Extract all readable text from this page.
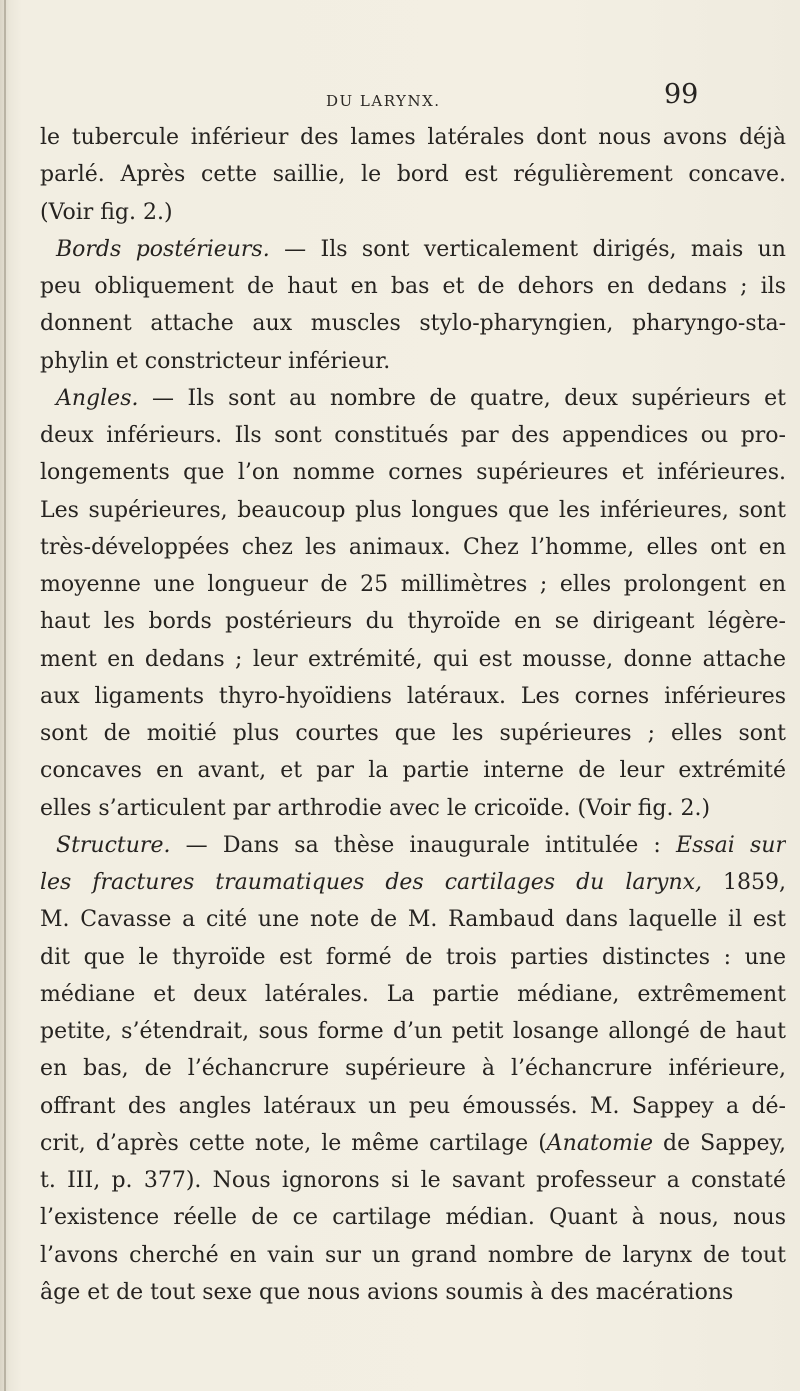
DU LARYNX.	99
le tubercule inférieur des lames latérales dont nous avons déjà
parlé. Après cette saillie, le bord est régulièrement concave.
(Voir fig. 2.)
Bords postérieurs. — Ils sont verticalement dirigés, mais un
peu obliquement de haut en bas et de dehors en dedans ; ils
donnent attache aux muscles stylo-pharyngien, pharyngo-sta-
phylin et constricteur inférieur.
Angles. — Ils sont au nombre de quatre, deux supérieurs et
deux inférieurs. Ils sont constitués par des appendices ou pro-
longements que l’on nomme cornes supérieures et inférieures.
Les supérieures, beaucoup plus longues que les inférieures, sont
très-développées chez les animaux. Chez l’homme, elles ont en
moyenne une longueur de 25 millimètres ; elles prolongent en
haut les bords postérieurs du thyroïde en se dirigeant légère-
ment en dedans ; leur extrémité, qui est mousse, donne attache
aux ligaments thyro-hyoïdiens latéraux. Les cornes inférieures
sont de moitié plus courtes que les supérieures ; elles sont
concaves en avant, et par la partie interne de leur extrémité
elles s’articulent par arthrodie avec le cricoïde. (Voir fig. 2.)
Structure. — Dans sa thèse inaugurale intitulée : Essai sur
les fractures traumatiques des cartilages du larynx, 1859,
M. Cavasse a cité une note de M. Rambaud dans laquelle il est
dit que le thyroïde est formé de trois parties distinctes : une
médiane et deux latérales. La partie médiane, extrêmement
petite, s’étendrait, sous forme d’un petit losange allongé de haut
en bas, de l’échancrure supérieure à l’échancrure inférieure,
offrant des angles latéraux un peu émoussés. M. Sappey a dé-
crit, d’après cette note, le même cartilage (Anatomie de Sappey,
t. III, p. 377). Nous ignorons si le savant professeur a constaté
l’existence réelle de ce cartilage médian. Quant à nous, nous
l’avons cherché en vain sur un grand nombre de larynx de tout
âge et de tout sexe que nous avions soumis à des macérations
